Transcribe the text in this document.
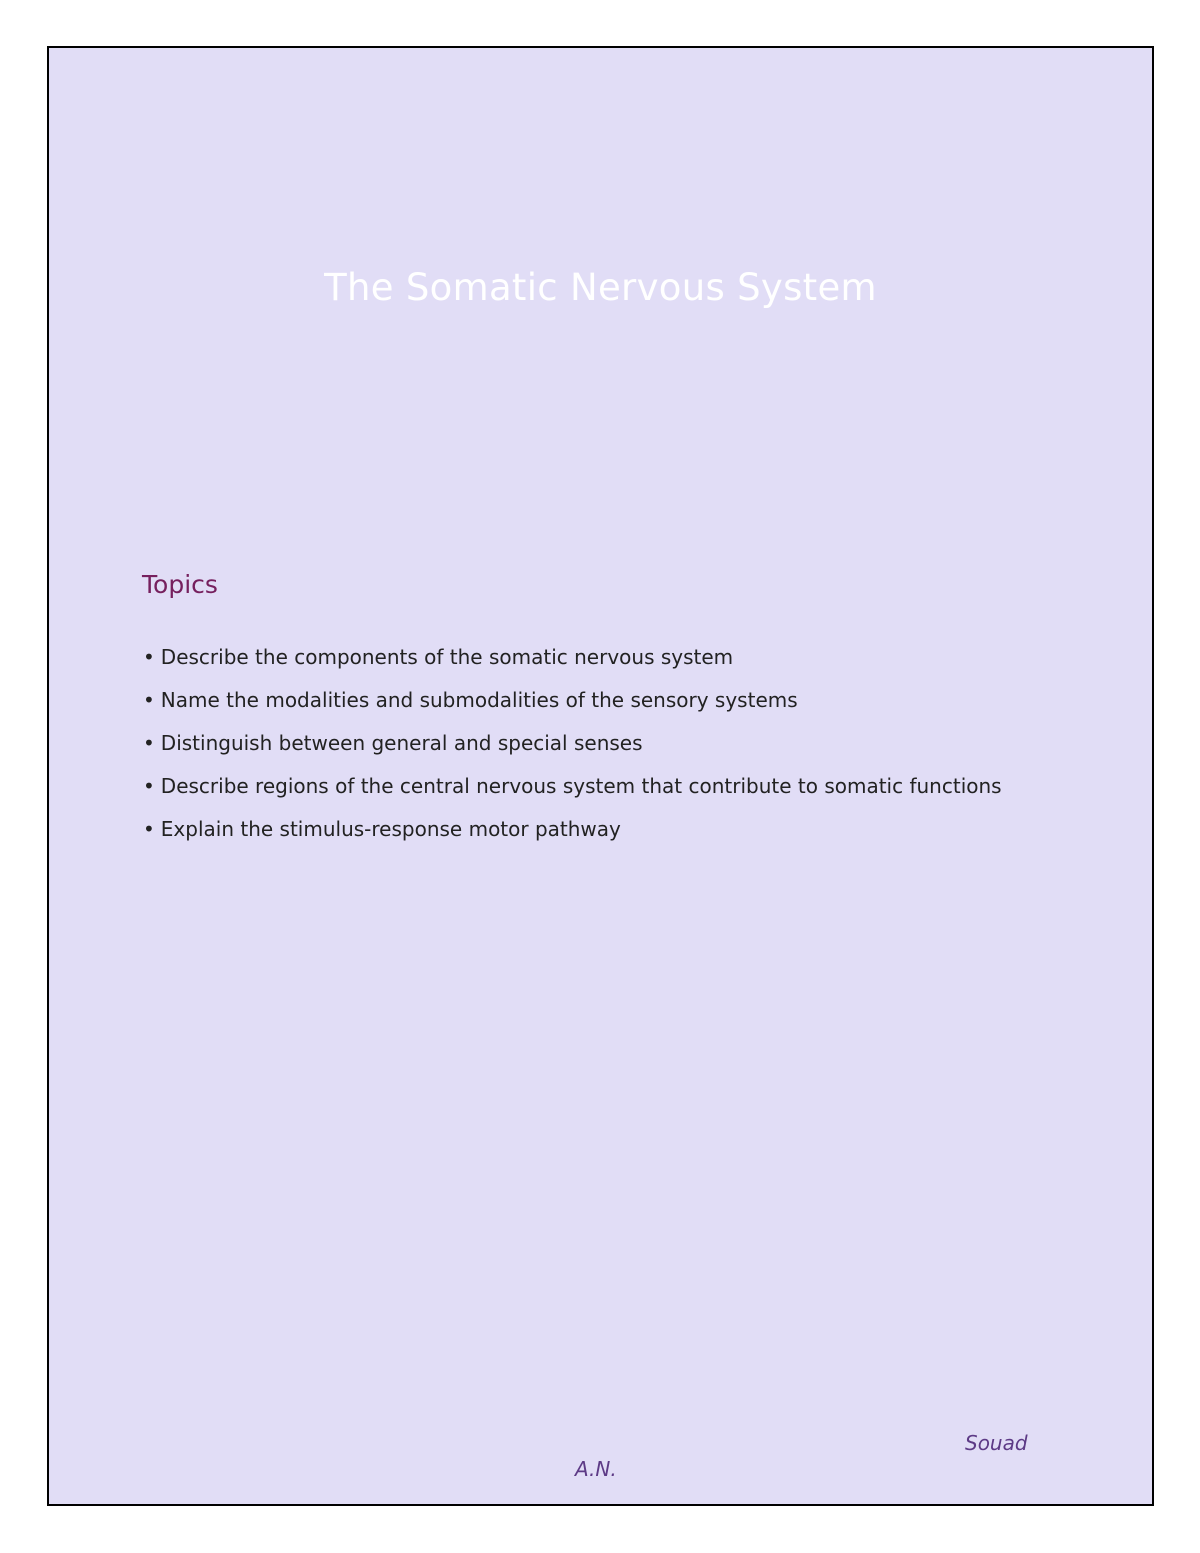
The Somatic Nervous System
Topics
• Describe the components of the somatic nervous system
• Name the modalities and submodalities of the sensory systems
• Distinguish between general and special senses
• Describe regions of the central nervous system that contribute to somatic functions
• Explain the stimulus-response motor pathway
Souad
A.N.
